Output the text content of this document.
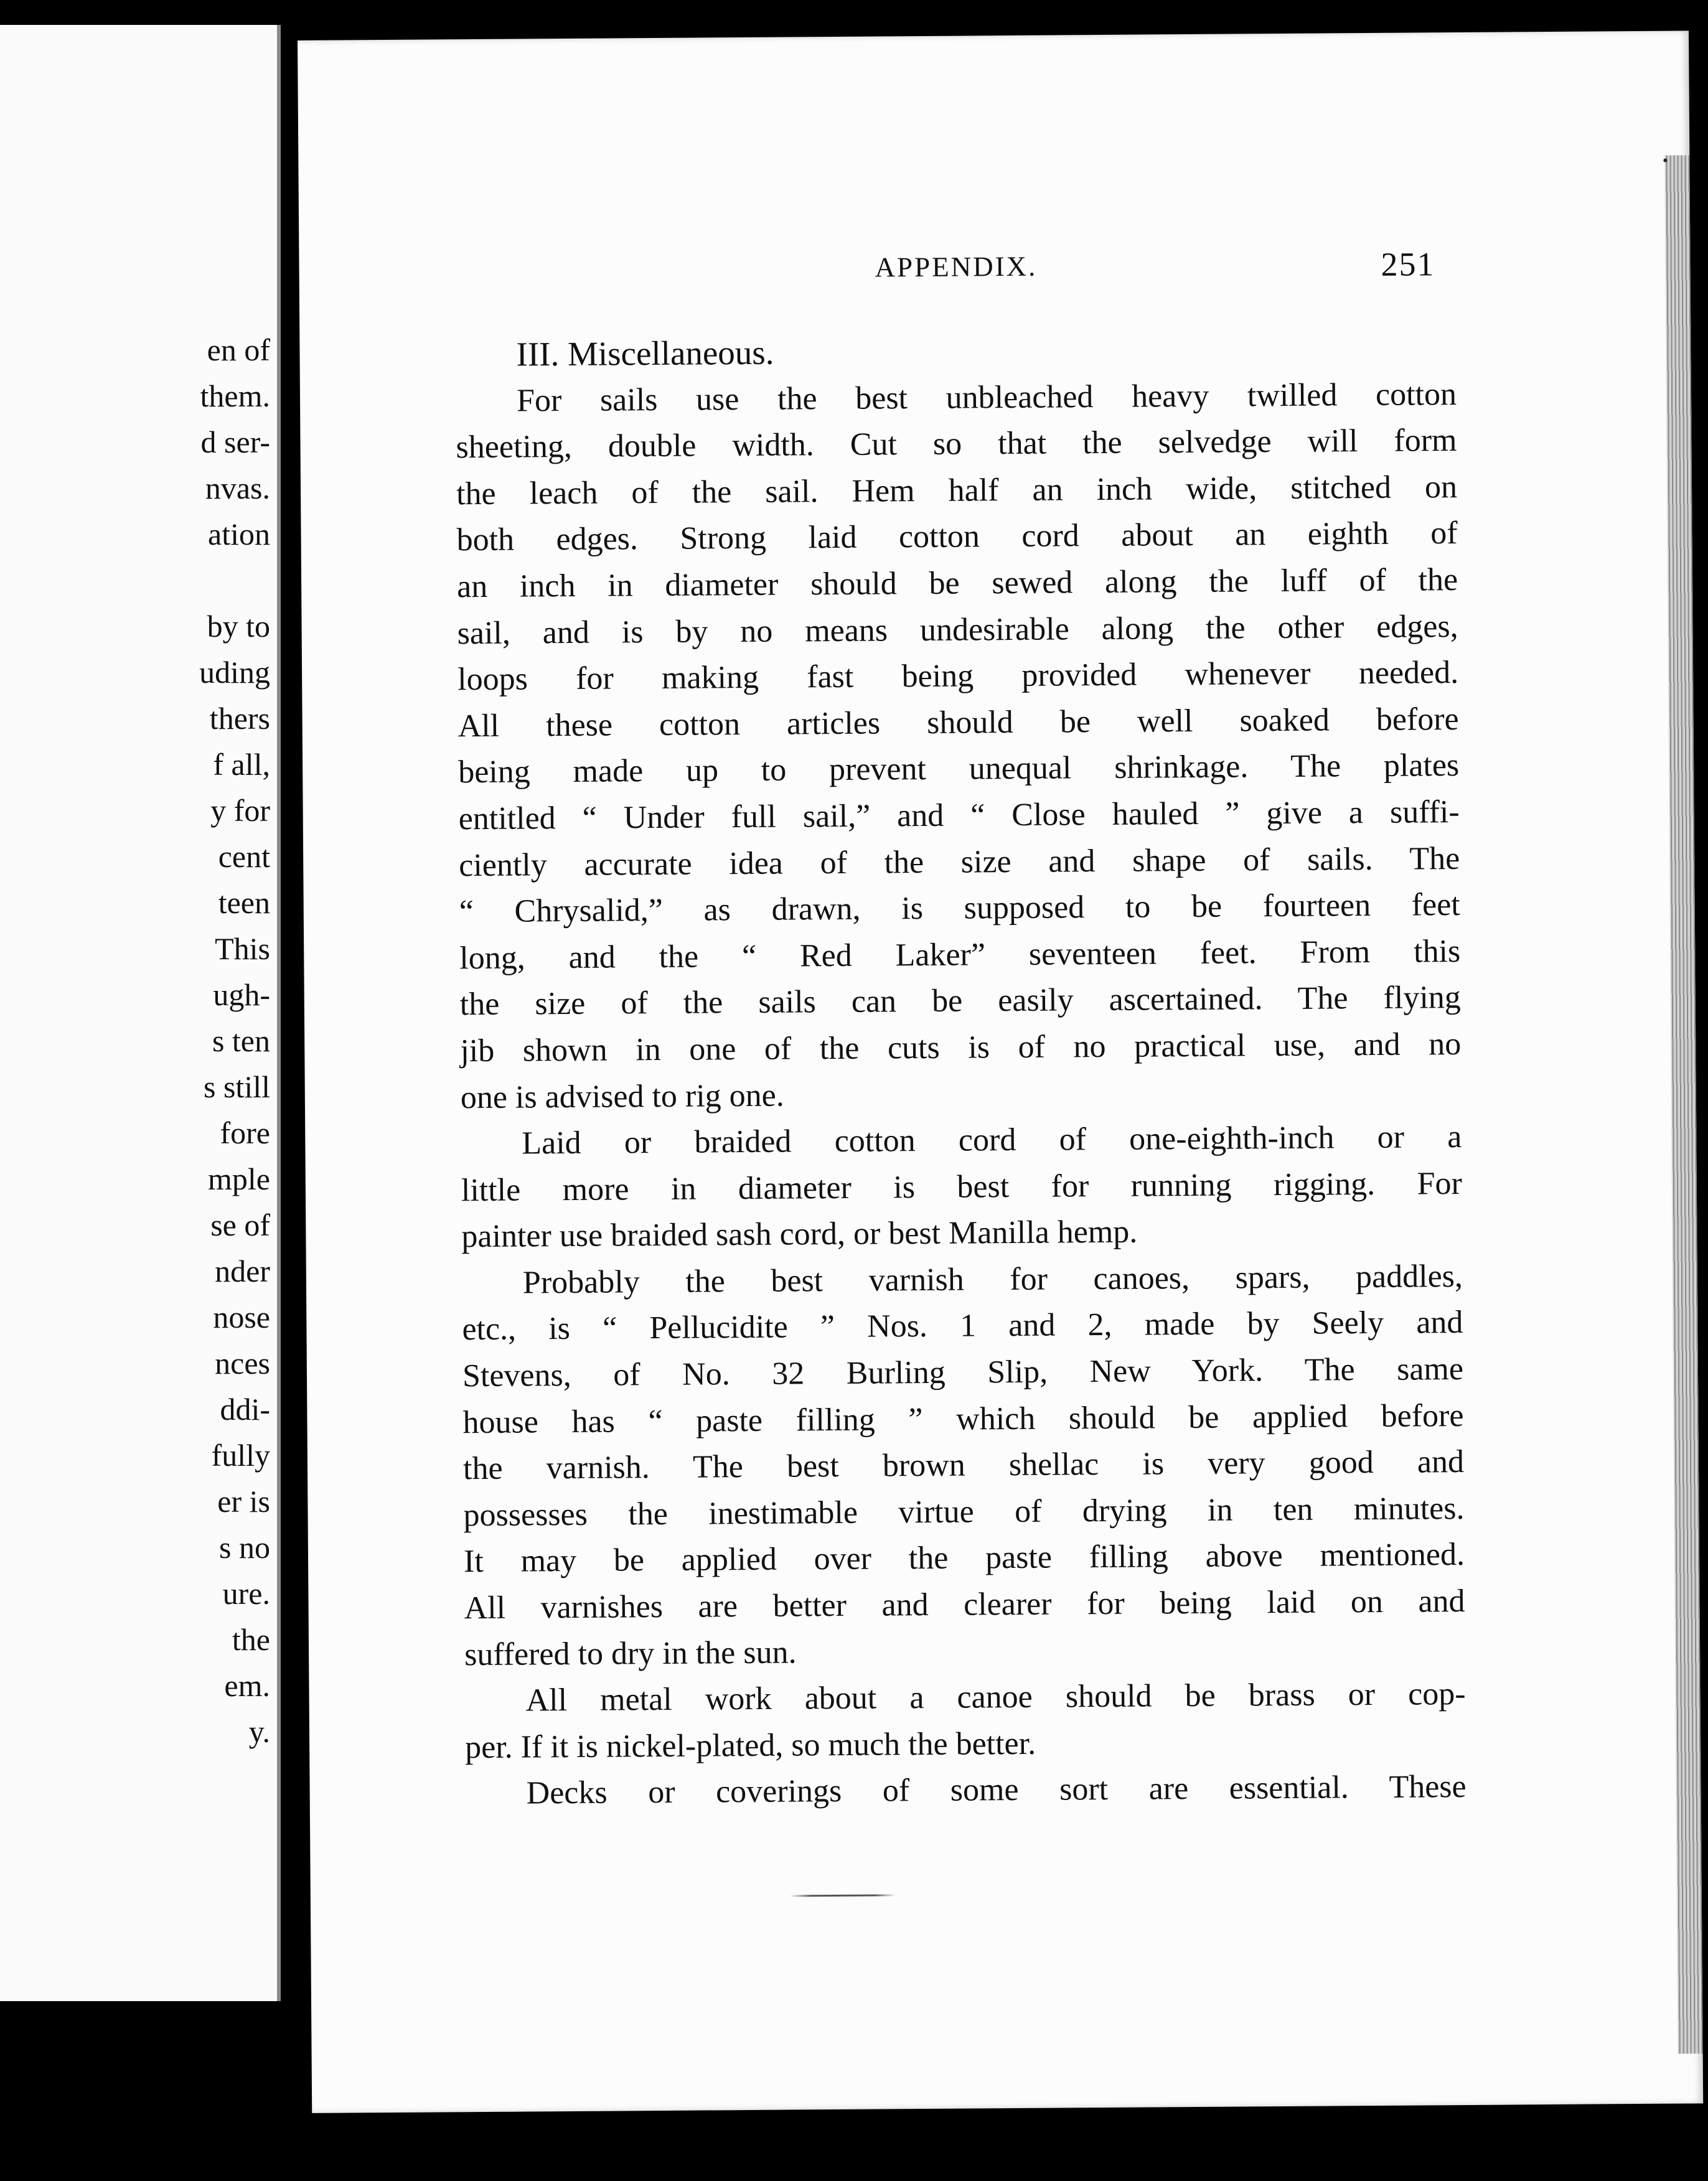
en of
them.
d ser-
nvas.
ation
by to
uding
thers
f all,
y for
cent
teen
This
ugh-
s ten
s still
fore
mple
se of
nder
nose
nces
ddi-
fully
er is
s no
ure.
the
em.
y.
APPENDIX.	251
III. Miscellaneous.
For sails use the best unbleached heavy twilled cotton
sheeting, double width. Cut so that the selvedge will form
the leach of the sail. Hem half an inch wide, stitched on
both edges. Strong laid cotton cord about an eighth of
an inch in diameter should be sewed along the luff of the
sail, and is by no means undesirable along the other edges,
loops for making fast being provided whenever needed.
All these cotton articles should be well soaked before
being made up to prevent unequal shrinkage. The plates
entitled “ Under full sail,” and “ Close hauled ” give a suffi-
ciently accurate idea of the size and shape of sails. The
“ Chrysalid,” as drawn, is supposed to be fourteen feet
long, and the “ Red Laker” seventeen feet. From this
the size of the sails can be easily ascertained. The flying
jib shown in one of the cuts is of no practical use, and no
one is advised to rig one.
Laid or braided cotton cord of one-eighth-inch or a
little more in diameter is best for running rigging. For
painter use braided sash cord, or best Manilla hemp.
Probably the best varnish for canoes, spars, paddles,
etc., is “ Pellucidite ” Nos. 1 and 2, made by Seely and
Stevens, of No. 32 Burling Slip, New York. The same
house has “ paste filling ” which should be applied before
the varnish. The best brown shellac is very good and
possesses the inestimable virtue of drying in ten minutes.
It may be applied over the paste filling above mentioned.
All varnishes are better and clearer for being laid on and
suffered to dry in the sun.
All metal work about a canoe should be brass or cop-
per. If it is nickel-plated, so much the better.
Decks or coverings of some sort are essential. These
